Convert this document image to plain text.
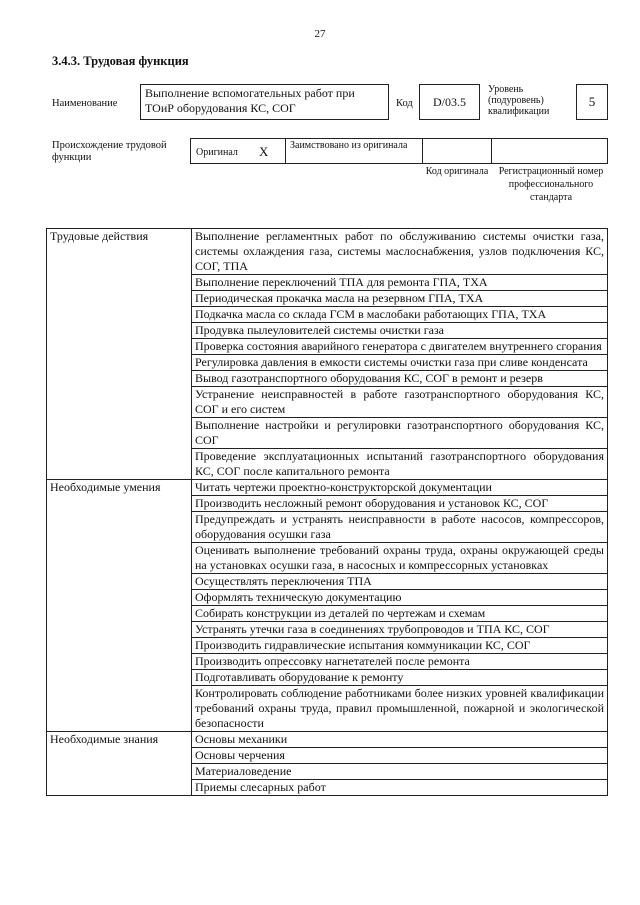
27
3.4.3. Трудовая функция
Наименование
Выполнение вспомогательных работ при ТОиР оборудования КС, СОГ	Код	D/03.5
Уровень (подуровень) квалификации
5
Происхождение трудовой функции	Оригинал X Заимствовано из оригинала
Код оригинала	Регистрационный номер профессионального стандарта
Трудовые действия	Выполнение регламентных работ по обслуживанию системы очистки газа, системы охлаждения газа, системы маслоснабжения, узлов подключения КС, СОГ, ТПА
	Выполнение переключений ТПА для ремонта ГПА, ТХА
	Периодическая прокачка масла на резервном ГПА, ТХА
	Подкачка масла со склада ГСМ в маслобаки работающих ГПА, ТХА
	Продувка пылеуловителей системы очистки газа
	Проверка состояния аварийного генератора с двигателем внутреннего сгорания
	Регулировка давления в емкости системы очистки газа при сливе конденсата
	Вывод газотранспортного оборудования КС, СОГ в ремонт и резерв
	Устранение неисправностей в работе газотранспортного оборудования КС, СОГ и его систем
	Выполнение настройки и регулировки газотранспортного оборудования КС, СОГ
	Проведение эксплуатационных испытаний газотранспортного оборудования КС, СОГ после капитального ремонта
Необходимые умения	Читать чертежи проектно-конструкторской документации
	Производить несложный ремонт оборудования и установок КС, СОГ
	Предупреждать и устранять неисправности в работе насосов, компрессоров, оборудования осушки газа
	Оценивать выполнение требований охраны труда, охраны окружающей среды на установках осушки газа, в насосных и компрессорных установках
	Осуществлять переключения ТПА
	Оформлять техническую документацию
	Собирать конструкции из деталей по чертежам и схемам
	Устранять утечки газа в соединениях трубопроводов и ТПА КС, СОГ
	Производить гидравлические испытания коммуникации КС, СОГ
	Производить опрессовку нагнетателей после ремонта
	Подготавливать оборудование к ремонту
	Контролировать соблюдение работниками более низких уровней квалификации требований охраны труда, правил промышленной, пожарной и экологической безопасности
Необходимые знания	Основы механики
	Основы черчения
	Материаловедение
	Приемы слесарных работ
